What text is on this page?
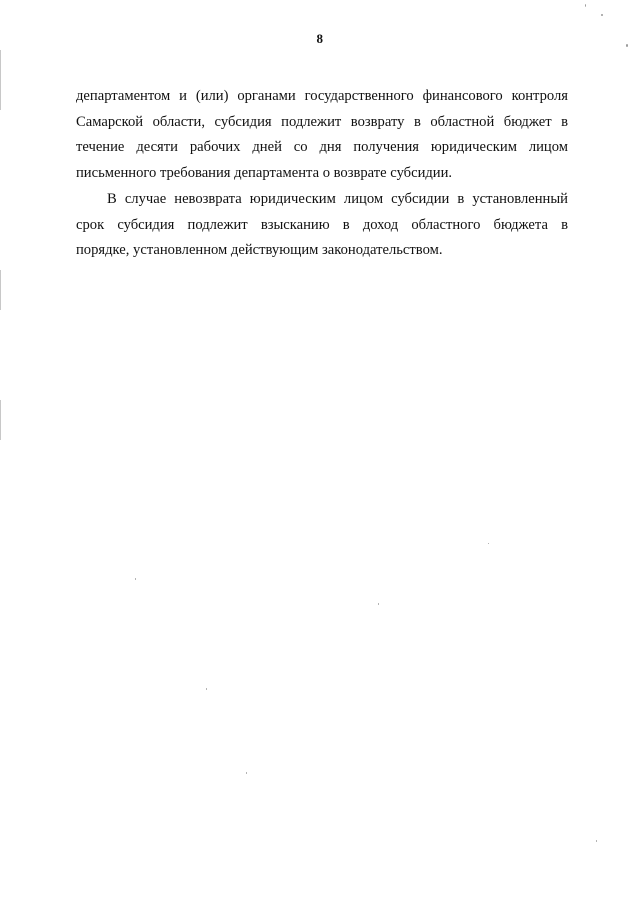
8
департаментом и (или) органами государственного финансового контроля
Самарской области, субсидия подлежит возврату в областной бюджет в
течение десяти рабочих дней со дня получения юридическим лицом
письменного требования департамента о возврате субсидии.
В случае невозврата юридическим лицом субсидии в установленный
срок субсидия подлежит взысканию в доход областного бюджета в
порядке, установленном действующим законодательством.
